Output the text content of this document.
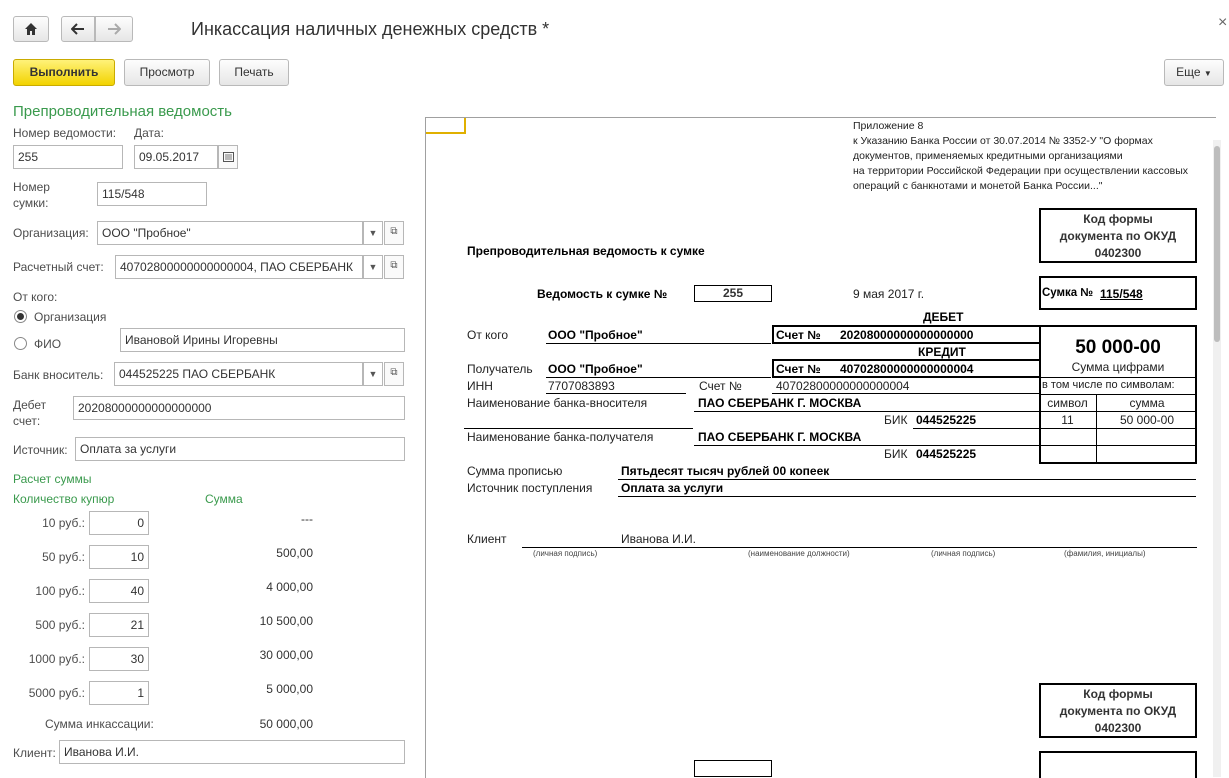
Инкассация наличных денежных средств *	×
Выполнить	Просмотр	Печать	Еще ▼
Препроводительная ведомость
Номер ведомости: Дата:
255	09.05.2017
Номер
сумки:
115/548
Организация:	ООО "Пробное"	▼	⧉
Расчетный счет:	40702800000000000004, ПАО СБЕРБАНК	▼	⧉
От кого:
Организация
ФИО	Ивановой Ирины Игоревны
Банк вноситель:	044525225 ПАО СБЕРБАНК	▼	⧉
Дебет
счет:
20208000000000000000
Источник:	Оплата за услуги
Расчет суммы
Количество купюр	Сумма
10 руб.:	0	---
50 руб.:	10	500,00
100 руб.:	40	4 000,00
500 руб.:	21	10 500,00
1000 руб.:	30	30 000,00
5000 руб.:	1	5 000,00
Сумма инкассации:	50 000,00
Клиент: Иванова И.И.
Приложение 8
к Указанию Банка России от 30.07.2014 № 3352-У "О формах
документов, применяемых кредитными организациями
на территории Российской Федерации при осуществлении кассовых
операций с банкнотами и монетой Банка России..."
Код формы
документа по ОКУД
0402300
Препроводительная ведомость к сумке
Ведомость к сумке №	255	9 мая 2017 г.	Сумка № 115/548
ДЕБЕТ
50 000-00
Сумма цифрами
в том числе по символам:
символ	сумма
11	50 000-00
От кого	ООО "Пробное"	Счет № 20208000000000000000
КРЕДИТ
Получатель ООО "Пробное"	Счет № 40702800000000000004
ИНН	7707083893	Счет №	40702800000000000004
Наименование банка-вносителя	ПАО СБЕРБАНК Г. МОСКВА
БИК 044525225
Наименование банка-получателя	ПАО СБЕРБАНК Г. МОСКВА
БИК 044525225
Сумма прописью	Пятьдесят тысяч рублей 00 копеек
Источник поступления Оплата за услуги
Клиент	Иванова И.И.
(личная подпись)	(наименование должности)	(личная подпись)	(фамилия, инициалы)
Код формы
документа по ОКУД
0402300
